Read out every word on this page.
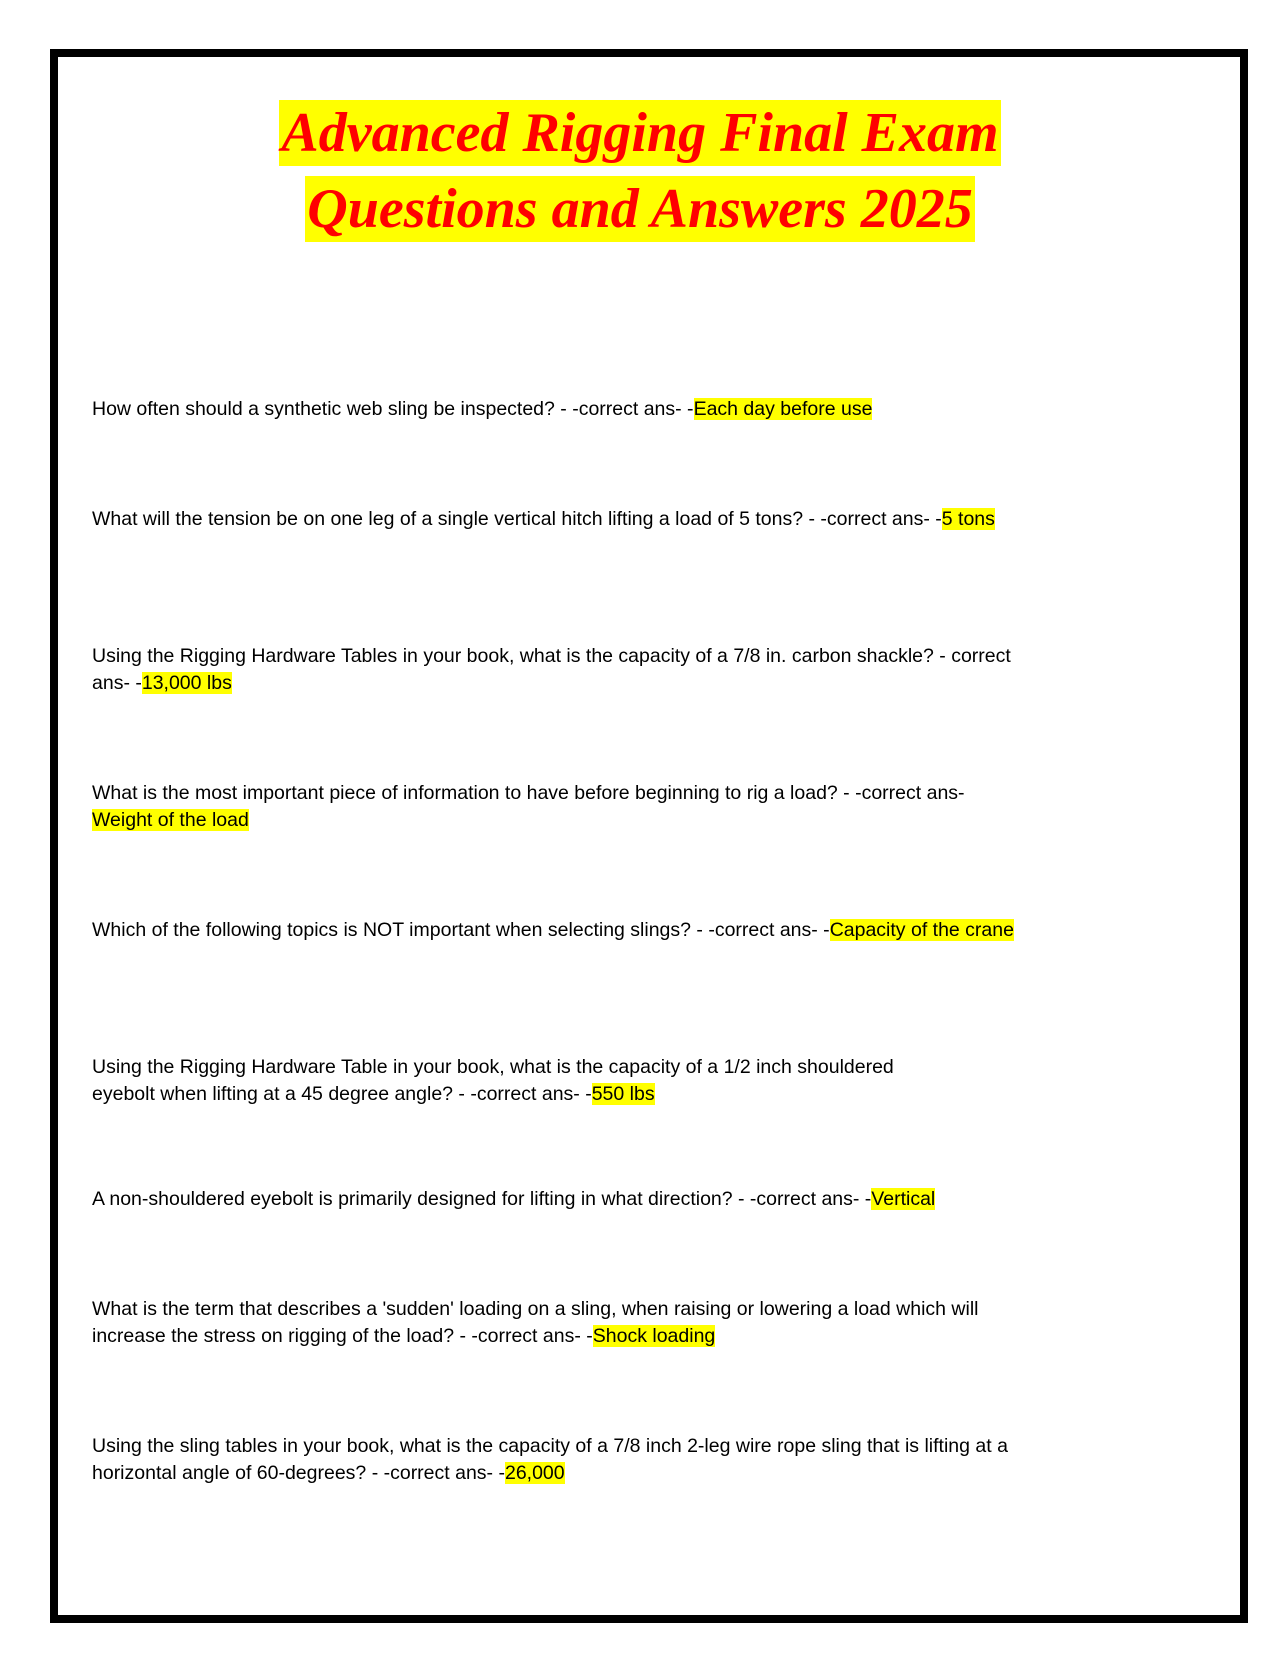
Advanced Rigging Final Exam
Questions and Answers 2025
How often should a synthetic web sling be inspected? - -correct ans- -Each day before use
What will the tension be on one leg of a single vertical hitch lifting a load of 5 tons? - -correct ans- -5 tons
Using the Rigging Hardware Tables in your book, what is the capacity of a 7/8 in. carbon shackle? - correct ans- -13,000 lbs
What is the most important piece of information to have before beginning to rig a load? - -correct ans-Weight of the load
Which of the following topics is NOT important when selecting slings? - -correct ans- -Capacity of the crane
Using the Rigging Hardware Table in your book, what is the capacity of a 1/2 inch shouldered eyebolt when lifting at a 45 degree angle? - -correct ans- -550 lbs
A non-shouldered eyebolt is primarily designed for lifting in what direction? - -correct ans- -Vertical
What is the term that describes a 'sudden' loading on a sling, when raising or lowering a load which will increase the stress on rigging of the load? - -correct ans- -Shock loading
Using the sling tables in your book, what is the capacity of a 7/8 inch 2-leg wire rope sling that is lifting at a horizontal angle of 60-degrees? - -correct ans- -26,000
